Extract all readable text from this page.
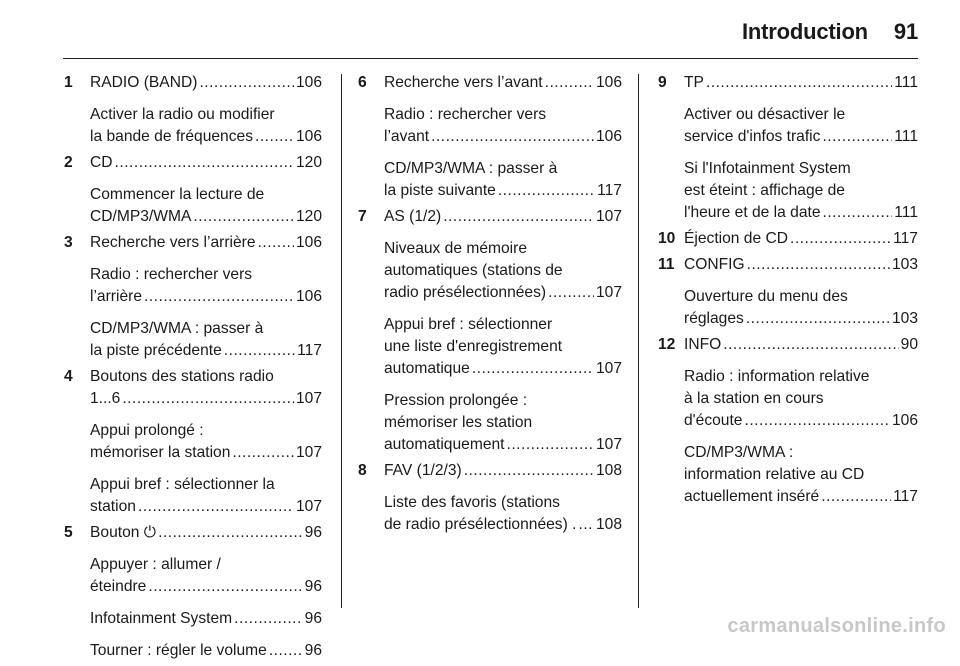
Introduction 91
1 RADIO (BAND) .....	106
Activer la radio ou modifier
la bande de fréquences .....	106
2 CD .....	120
Commencer la lecture de
CD/MP3/WMA .....	120
3 Recherche vers l’arrière .....	106
Radio : rechercher vers
l’arrière .....	106
CD/MP3/WMA : passer à
la piste précédente .....	117
4 Boutons des stations radio
1...6 .....	107
Appui prolongé :
mémoriser la station .....	107
Appui bref : sélectionner la
station .....	107
5 Bouton ⏻ .....	96
Appuyer : allumer /
éteindre .....	96
Infotainment System .....	96
Tourner : régler le volume ..... 96
6 Recherche vers l’avant .....	106
Radio : rechercher vers
l’avant .....	106
CD/MP3/WMA : passer à
la piste suivante .....	117
7 AS (1/2) .....	107
Niveaux de mémoire
automatiques (stations de
radio présélectionnées) .....	107
Appui bref : sélectionner
une liste d'enregistrement
automatique .....	107
Pression prolongée :
mémoriser les station
automatiquement .....	107
8 FAV (1/2/3) .....	108
Liste des favoris (stations
de radio présélectionnées) . ..... 108
9 TP .....	111
Activer ou désactiver le
service d'infos trafic .....	111
Si l'Infotainment System
est éteint : affichage de
l'heure et de la date .....	111
10 Éjection de CD .....	117
11 CONFIG .....	103
Ouverture du menu des
réglages .....	103
12 INFO .....	90
Radio : information relative
à la station en cours
d'écoute .....	106
CD/MP3/WMA :
information relative au CD
actuellement inséré .....	117
carmanualsonline.info
